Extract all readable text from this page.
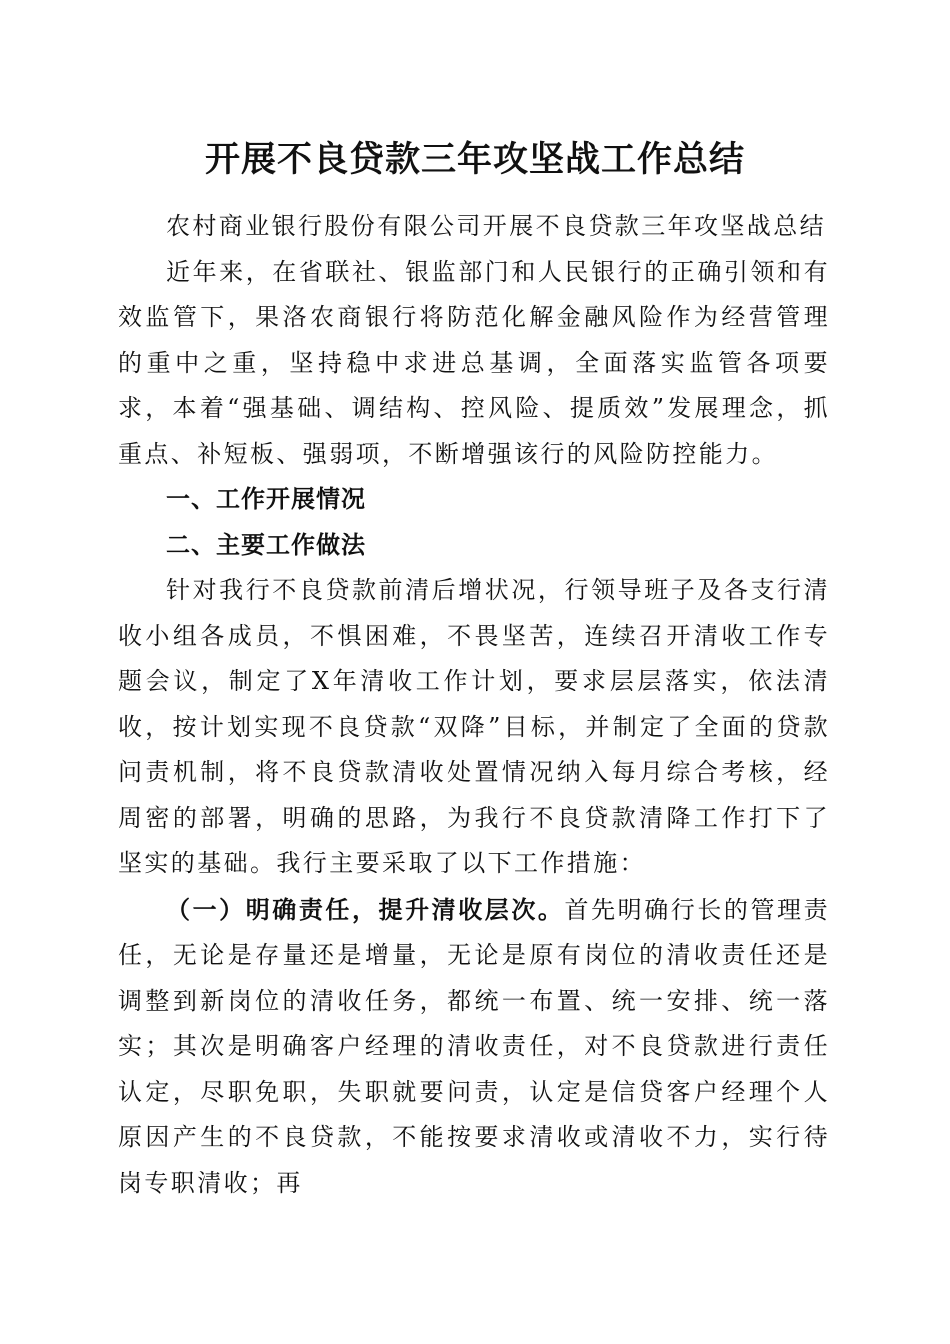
开展不良贷款三年攻坚战工作总结

农村商业银行股份有限公司开展不良贷款三年攻坚战总结

近年来，在省联社、银监部门和人民银行的正确引领和有效监管下，果洛农商银行将防范化解金融风险作为经营管理的重中之重，坚持稳中求进总基调，全面落实监管各项要求，本着“强基础、调结构、控风险、提质效”发展理念，抓重点、补短板、强弱项，不断增强该行的风险防控能力。

一、工作开展情况

二、主要工作做法

针对我行不良贷款前清后增状况，行领导班子及各支行清收小组各成员，不惧困难，不畏坚苦，连续召开清收工作专题会议，制定了X年清收工作计划，要求层层落实，依法清收，按计划实现不良贷款“双降”目标，并制定了全面的贷款问责机制，将不良贷款清收处置情况纳入每月综合考核，经周密的部署，明确的思路，为我行不良贷款清降工作打下了坚实的基础。我行主要采取了以下工作措施：

（一）明确责任，提升清收层次。首先明确行长的管理责任，无论是存量还是增量，无论是原有岗位的清收责任还是调整到新岗位的清收任务，都统一布置、统一安排、统一落实；其次是明确客户经理的清收责任，对不良贷款进行责任认定，尽职免职，失职就要问责，认定是信贷客户经理个人原因产生的不良贷款，不能按要求清收或清收不力，实行待岗专职清收；再
